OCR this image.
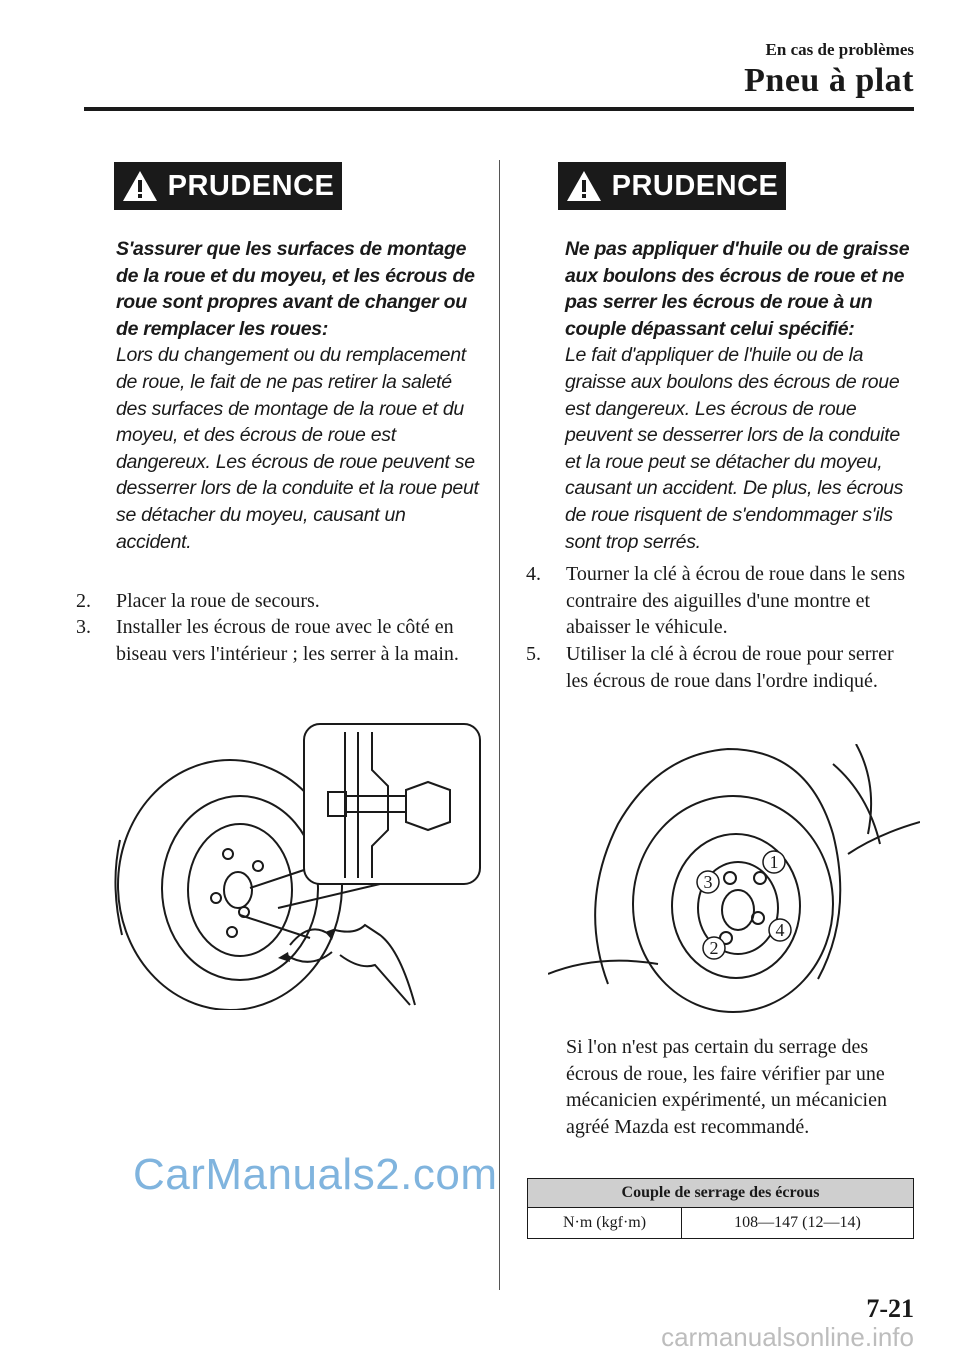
En cas de problèmes
Pneu à plat
PRUDENCE
S'assurer que les surfaces de montage de la roue et du moyeu, et les écrous de roue sont propres avant de changer ou de remplacer les roues:
Lors du changement ou du remplacement de roue, le fait de ne pas retirer la saleté des surfaces de montage de la roue et du moyeu, et des écrous de roue est dangereux. Les écrous de roue peuvent se desserrer lors de la conduite et la roue peut se détacher du moyeu, causant un accident.
2. Placer la roue de secours.
3. Installer les écrous de roue avec le côté en biseau vers l'intérieur ; les serrer à la main.
PRUDENCE
Ne pas appliquer d'huile ou de graisse aux boulons des écrous de roue et ne pas serrer les écrous de roue à un couple dépassant celui spécifié:
Le fait d'appliquer de l'huile ou de la graisse aux boulons des écrous de roue est dangereux. Les écrous de roue peuvent se desserrer lors de la conduite et la roue peut se détacher du moyeu, causant un accident. De plus, les écrous de roue risquent de s'endommager s'ils sont trop serrés.
4. Tourner la clé à écrou de roue dans le sens contraire des aiguilles d'une montre et abaisser le véhicule.
5. Utiliser la clé à écrou de roue pour serrer les écrous de roue dans l'ordre indiqué.
1
2
3
4
Si l'on n'est pas certain du serrage des écrous de roue, les faire vérifier par une mécanicien expérimenté, un mécanicien agréé Mazda est recommandé.
Couple de serrage des écrous
N·m (kgf·m)	108—147 (12—14)
7-21
CarManuals2.com
carmanualsonline.info
